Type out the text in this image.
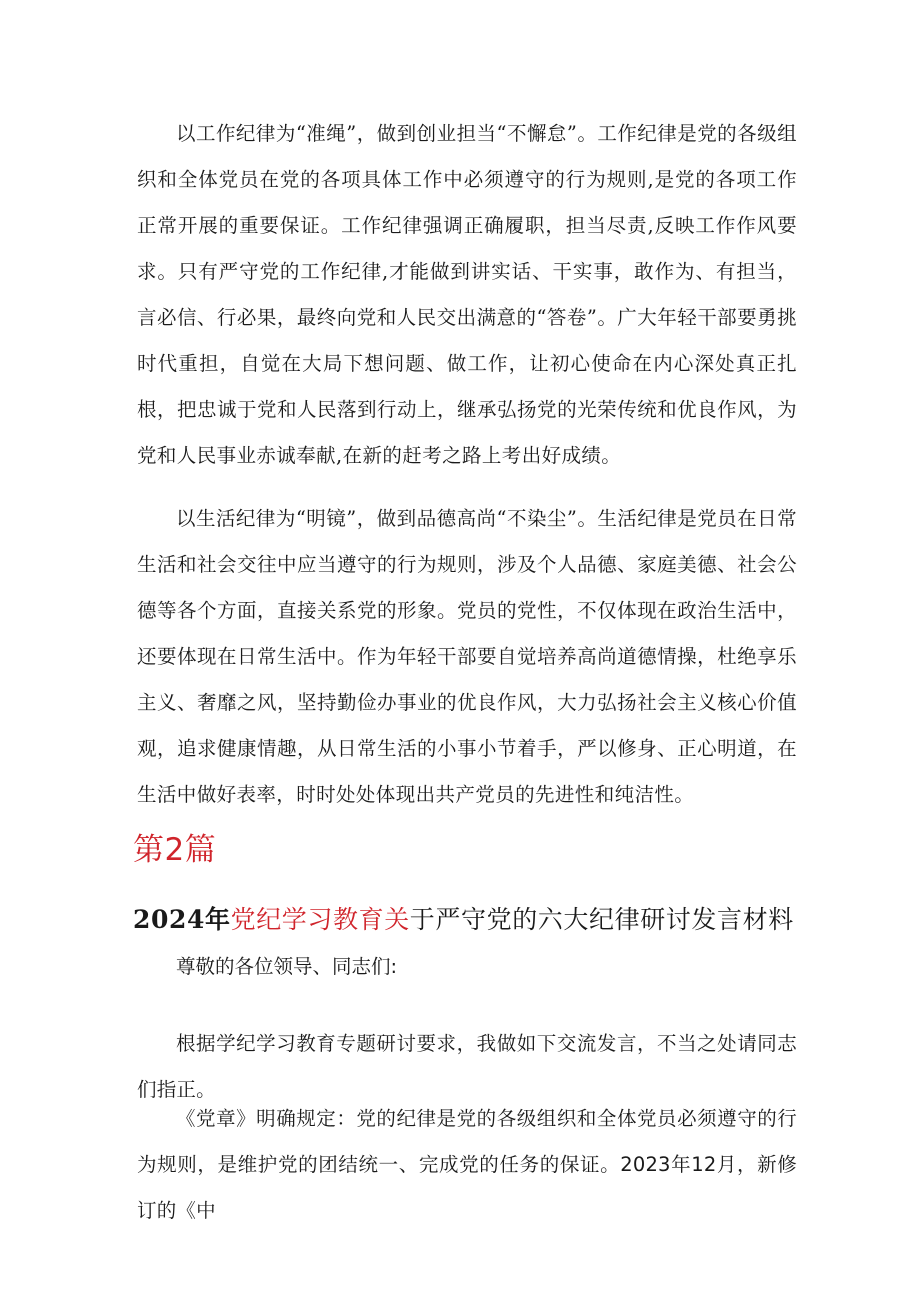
以工作纪律为“准绳”，做到创业担当“不懈怠”。工作纪律是党的各级组织和全体党员在党的各项具体工作中必须遵守的行为规则,是党的各项工作正常开展的重要保证。工作纪律强调正确履职，担当尽责,反映工作作风要求。只有严守党的工作纪律,才能做到讲实话、干实事，敢作为、有担当，言必信、行必果，最终向党和人民交出满意的“答卷”。广大年轻干部要勇挑时代重担，自觉在大局下想问题、做工作，让初心使命在内心深处真正扎根，把忠诚于党和人民落到行动上，继承弘扬党的光荣传统和优良作风，为党和人民事业赤诚奉献,在新的赶考之路上考出好成绩。

以生活纪律为“明镜”，做到品德高尚“不染尘”。生活纪律是党员在日常生活和社会交往中应当遵守的行为规则，涉及个人品德、家庭美德、社会公德等各个方面，直接关系党的形象。党员的党性，不仅体现在政治生活中，还要体现在日常生活中。作为年轻干部要自觉培养高尚道德情操，杜绝享乐主义、奢靡之风，坚持勤俭办事业的优良作风，大力弘扬社会主义核心价值观，追求健康情趣，从日常生活的小事小节着手，严以修身、正心明道，在生活中做好表率，时时处处体现出共产党员的先进性和纯洁性。

第2篇
2024年党纪学习教育关于严守党的六大纪律研讨发言材料

尊敬的各位领导、同志们:

根据学纪学习教育专题研讨要求，我做如下交流发言，不当之处请同志们指正。

《党章》明确规定：党的纪律是党的各级组织和全体党员必须遵守的行为规则，是维护党的团结统一、完成党的任务的保证。2023年12月，新修订的《中
